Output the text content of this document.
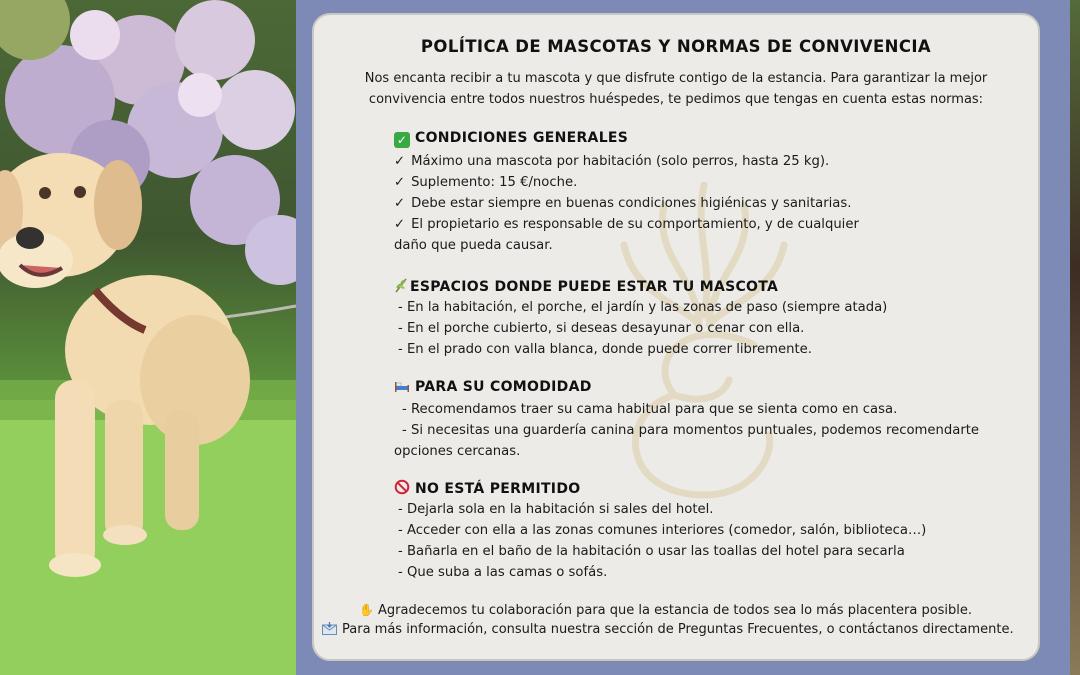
POLÍTICA DE MASCOTAS Y NORMAS DE CONVIVENCIA
Nos encanta recibir a tu mascota y que disfrute contigo de la estancia. Para garantizar la mejor
convivencia entre todos nuestros huéspedes, te pedimos que tengas en cuenta estas normas:
✓ CONDICIONES GENERALES
✓ Máximo una mascota por habitación (solo perros, hasta 25 kg).
✓ Suplemento: 15 €/noche.
✓ Debe estar siempre en buenas condiciones higiénicas y sanitarias.
✓ El propietario es responsable de su comportamiento, y de cualquier
daño que pueda causar.
ESPACIOS DONDE PUEDE ESTAR TU MASCOTA
- En la habitación, el porche, el jardín y las zonas de paso (siempre atada)
- En el porche cubierto, si deseas desayunar o cenar con ella.
- En el prado con valla blanca, donde puede correr libremente.
PARA SU COMODIDAD
- Recomendamos traer su cama habitual para que se sienta como en casa.
- Si necesitas una guardería canina para momentos puntuales, podemos recomendarte
opciones cercanas.
NO ESTÁ PERMITIDO
- Dejarla sola en la habitación si sales del hotel.
- Acceder con ella a las zonas comunes interiores (comedor, salón, biblioteca…)
- Bañarla en el baño de la habitación o usar las toallas del hotel para secarla
- Que suba a las camas o sofás.
✋ Agradecemos tu colaboración para que la estancia de todos sea lo más placentera posible.
Para más información, consulta nuestra sección de Preguntas Frecuentes, o contáctanos directamente.
